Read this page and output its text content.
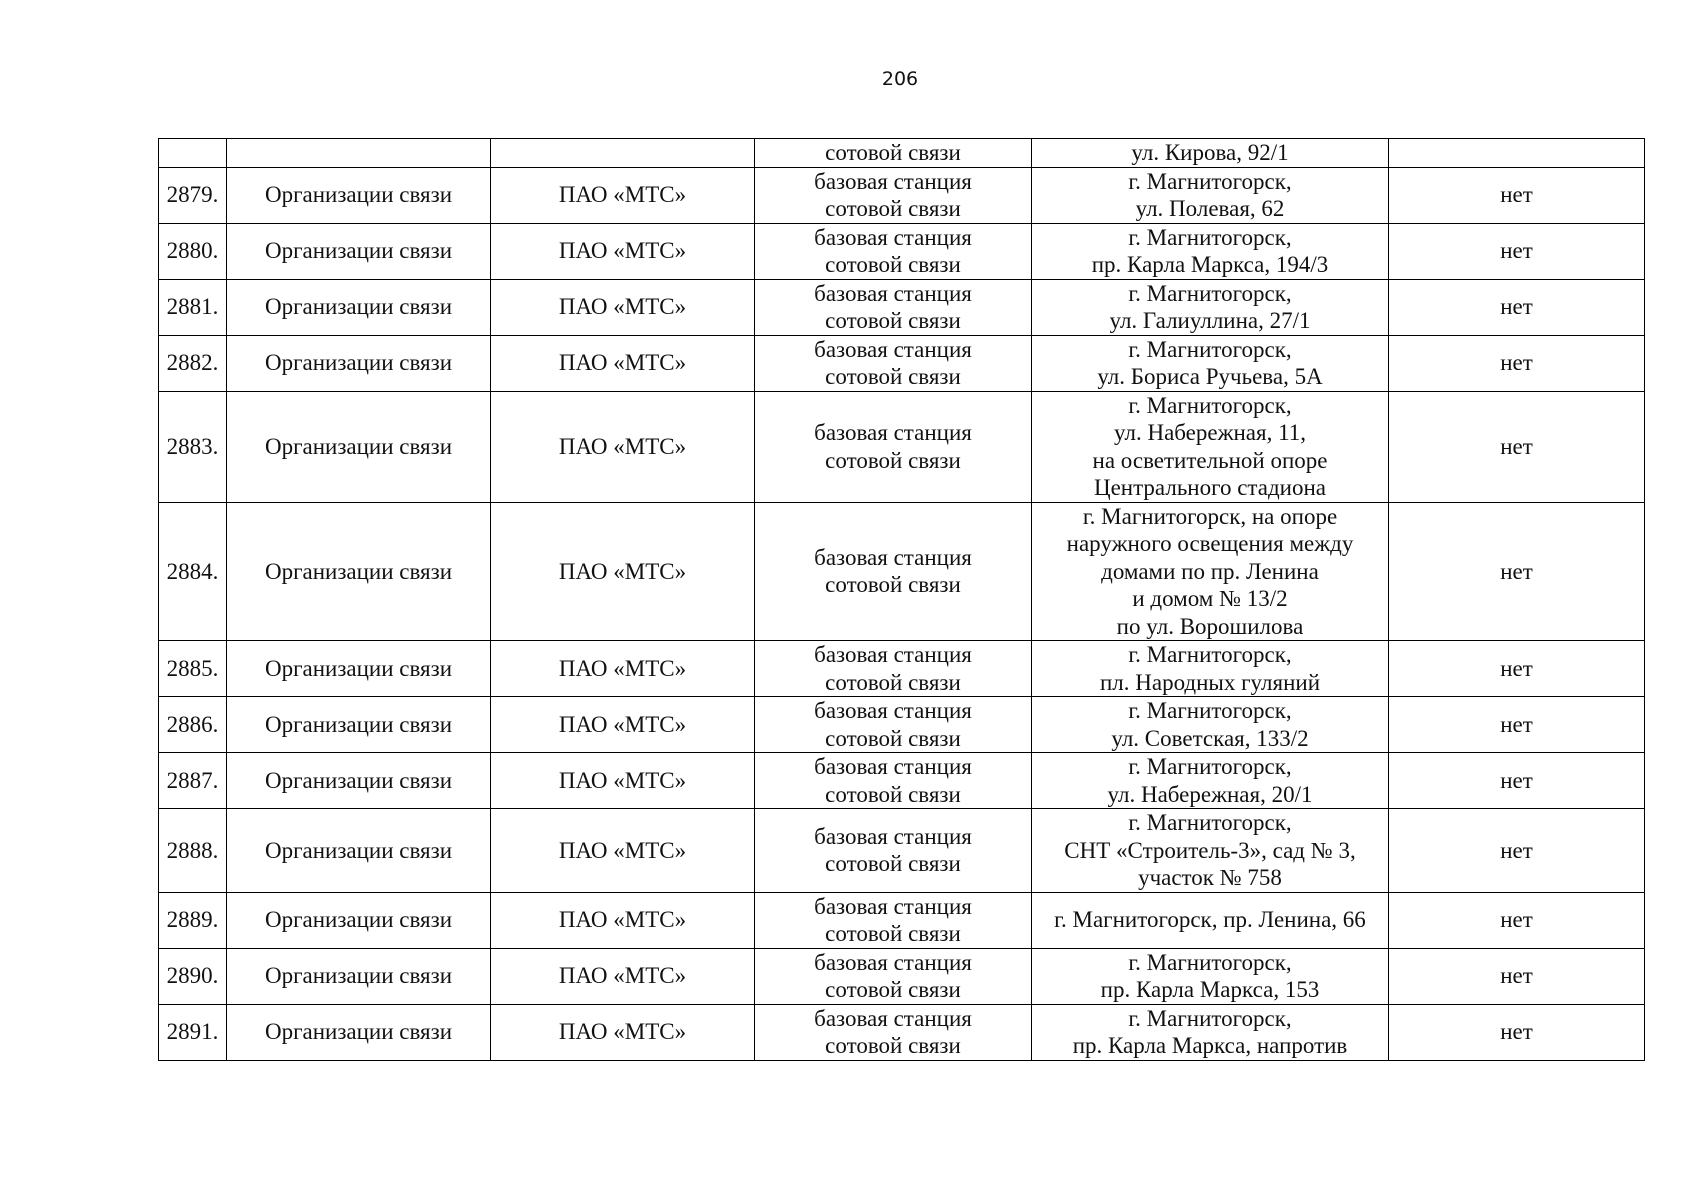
206

			сотовой связи	ул. Кирова, 92/1	

2879.	Организации связи	ПАО «МТС»	базовая станция
сотовой связи	г. Магнитогорск,
ул. Полевая, 62	нет
2880.	Организации связи	ПАО «МТС»	базовая станция
сотовой связи	г. Магнитогорск,
пр. Карла Маркса, 194/3	нет
2881.	Организации связи	ПАО «МТС»	базовая станция
сотовой связи	г. Магнитогорск,
ул. Галиуллина, 27/1	нет
2882.	Организации связи	ПАО «МТС»	базовая станция
сотовой связи	г. Магнитогорск,
ул. Бориса Ручьева, 5А	нет
2883.	Организации связи	ПАО «МТС»	базовая станция
сотовой связи	г. Магнитогорск,
ул. Набережная, 11,
на осветительной опоре
Центрального стадиона	нет
2884.	Организации связи	ПАО «МТС»	базовая станция
сотовой связи	г. Магнитогорск, на опоре
наружного освещения между
домами по пр. Ленина
и домом № 13/2
по ул. Ворошилова	нет
2885.	Организации связи	ПАО «МТС»	базовая станция
сотовой связи	г. Магнитогорск,
пл. Народных гуляний	нет
2886.	Организации связи	ПАО «МТС»	базовая станция
сотовой связи	г. Магнитогорск,
ул. Советская, 133/2	нет
2887.	Организации связи	ПАО «МТС»	базовая станция
сотовой связи	г. Магнитогорск,
ул. Набережная, 20/1	нет
2888.	Организации связи	ПАО «МТС»	базовая станция
сотовой связи	г. Магнитогорск,
СНТ «Строитель-3», сад № 3,
участок № 758	нет
2889.	Организации связи	ПАО «МТС»	базовая станция
сотовой связи	г. Магнитогорск, пр. Ленина, 66	нет
2890.	Организации связи	ПАО «МТС»	базовая станция
сотовой связи	г. Магнитогорск,
пр. Карла Маркса, 153	нет
2891.	Организации связи	ПАО «МТС»	базовая станция
сотовой связи	г. Магнитогорск,
пр. Карла Маркса, напротив	нет
